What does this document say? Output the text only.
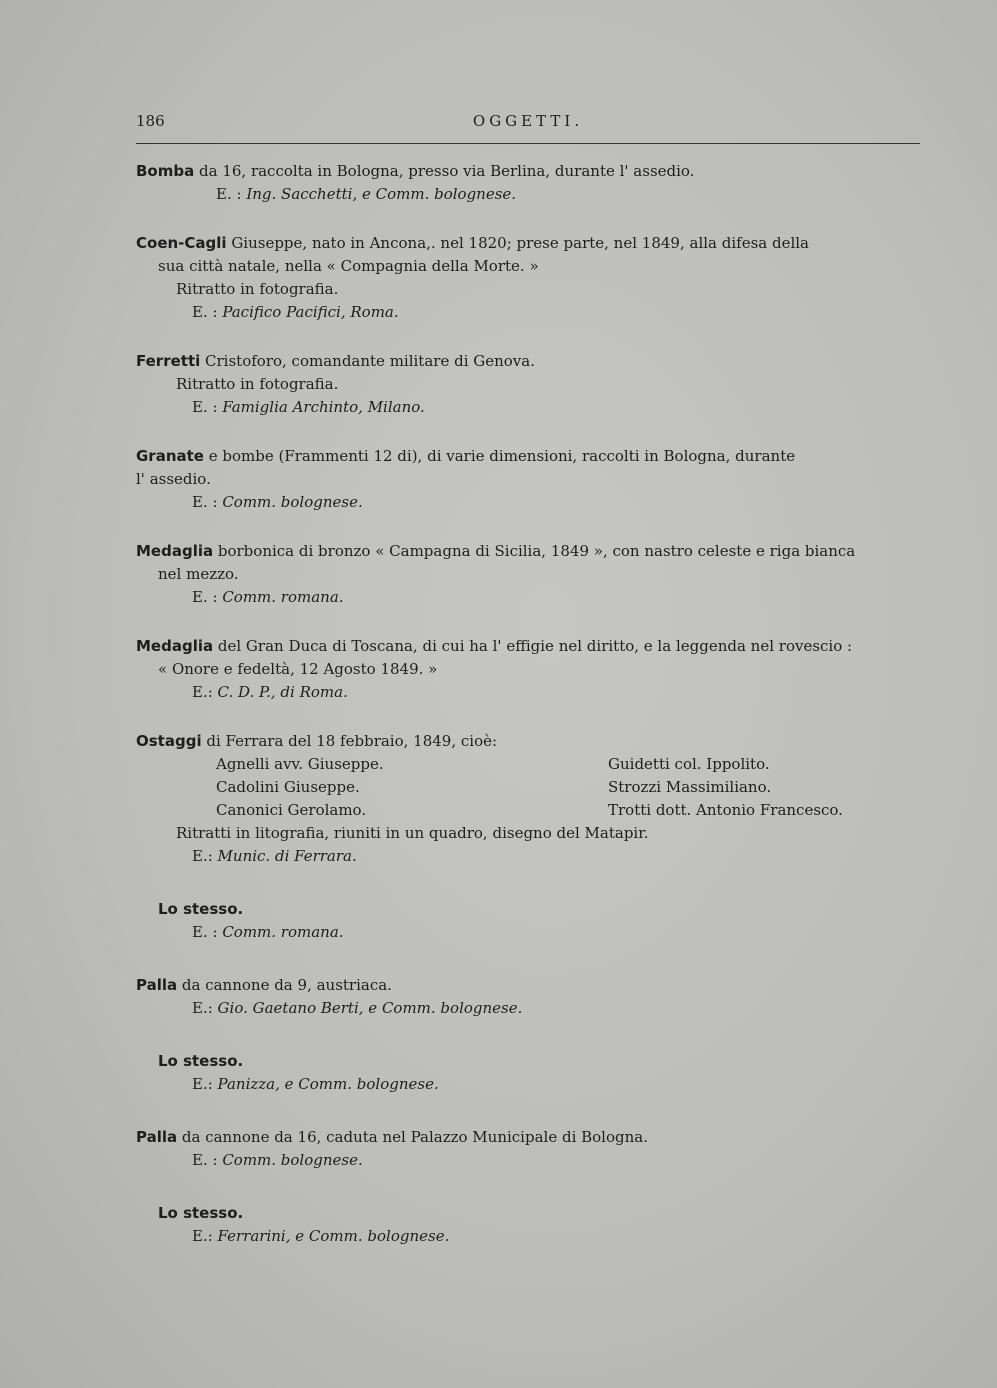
186	OGGETTI.
Bomba da 16, raccolta in Bologna, presso via Berlina, durante l' assedio.
E. : Ing. Sacchetti, e Comm. bolognese.
Coen-Cagli Giuseppe, nato in Ancona,. nel 1820; prese parte, nel 1849, alla difesa della
sua città natale, nella « Compagnia della Morte. »
Ritratto in fotografia.
E. : Pacifico Pacifici, Roma.
Ferretti Cristoforo, comandante militare di Genova.
Ritratto in fotografia.
E. : Famiglia Archinto, Milano.
Granate e bombe (Frammenti 12 di), di varie dimensioni, raccolti in Bologna, durante
l' assedio.
E. : Comm. bolognese.
Medaglia borbonica di bronzo « Campagna di Sicilia, 1849 », con nastro celeste e riga bianca
nel mezzo.
E. : Comm. romana.
Medaglia del Gran Duca di Toscana, di cui ha l' effigie nel diritto, e la leggenda nel rovescio :
« Onore e fedeltà, 12 Agosto 1849. »
E.: C. D. P., di Roma.
Ostaggi di Ferrara del 18 febbraio, 1849, cioè:
Agnelli avv. Giuseppe.	Guidetti col. Ippolito.
Cadolini Giuseppe.	Strozzi Massimiliano.
Canonici Gerolamo.	Trotti dott. Antonio Francesco.
Ritratti in litografia, riuniti in un quadro, disegno del Matapir.
E.: Munic. di Ferrara.
Lo stesso.
E. : Comm. romana.
Palla da cannone da 9, austriaca.
E.: Gio. Gaetano Berti, e Comm. bolognese.
Lo stesso.
E.: Panizza, e Comm. bolognese.
Palla da cannone da 16, caduta nel Palazzo Municipale di Bologna.
E. : Comm. bolognese.
Lo stesso.
E.: Ferrarini, e Comm. bolognese.
